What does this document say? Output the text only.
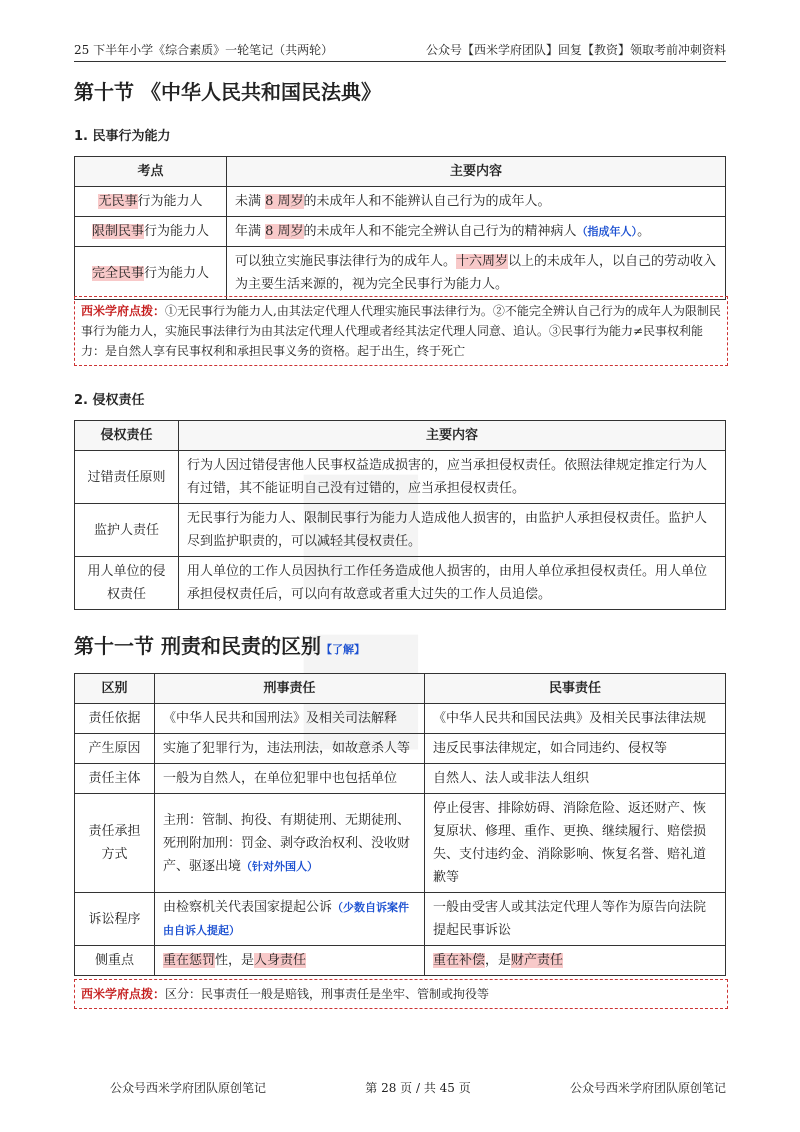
25 下半年小学《综合素质》一轮笔记（共两轮）	公众号【西米学府团队】回复【教资】领取考前冲刺资料
第十节 《中华人民共和国民法典》
1. 民事行为能力
考点	主要内容
无民事行为能力人	未满 8 周岁的未成年人和不能辨认自己行为的成年人。
限制民事行为能力人	年满 8 周岁的未成年人和不能完全辨认自己行为的精神病人（指成年人）。
完全民事行为能力人	可以独立实施民事法律行为的成年人。十六周岁以上的未成年人，以自己的劳动收入为主要生活来源的，视为完全民事行为能力人。
西米学府点拨：①无民事行为能力人,由其法定代理人代理实施民事法律行为。②不能完全辨认自己行为的成年人为限制民事行为能力人，实施民事法律行为由其法定代理人代理或者经其法定代理人同意、追认。③民事行为能力≠民事权利能力：是自然人享有民事权利和承担民事义务的资格。起于出生，终于死亡
2. 侵权责任
侵权责任	主要内容
过错责任原则	行为人因过错侵害他人民事权益造成损害的，应当承担侵权责任。依照法律规定推定行为人有过错，其不能证明自己没有过错的，应当承担侵权责任。
监护人责任	无民事行为能力人、限制民事行为能力人造成他人损害的，由监护人承担侵权责任。监护人尽到监护职责的，可以减轻其侵权责任。
用人单位的侵权责任	用人单位的工作人员因执行工作任务造成他人损害的，由用人单位承担侵权责任。用人单位承担侵权责任后，可以向有故意或者重大过失的工作人员追偿。
第十一节 刑责和民责的区别【了解】
区别	刑事责任	民事责任
责任依据	《中华人民共和国刑法》及相关司法解释	《中华人民共和国民法典》及相关民事法律法规
产生原因	实施了犯罪行为，违法刑法，如故意杀人等	违反民事法律规定，如合同违约、侵权等
责任主体	一般为自然人，在单位犯罪中也包括单位	自然人、法人或非法人组织
责任承担方式	主刑：管制、拘役、有期徒刑、无期徒刑、死刑附加刑：罚金、剥夺政治权利、没收财产、驱逐出境（针对外国人）	停止侵害、排除妨碍、消除危险、返还财产、恢复原状、修理、重作、更换、继续履行、赔偿损失、支付违约金、消除影响、恢复名誉、赔礼道歉等
诉讼程序	由检察机关代表国家提起公诉（少数自诉案件由自诉人提起）	一般由受害人或其法定代理人等作为原告向法院提起民事诉讼
侧重点	重在惩罚性，是人身责任	重在补偿，是财产责任
西米学府点拨：区分：民事责任一般是赔钱，刑事责任是坐牢、管制或拘役等
公众号西米学府团队原创笔记	第 28 页 / 共 45 页	公众号西米学府团队原创笔记
